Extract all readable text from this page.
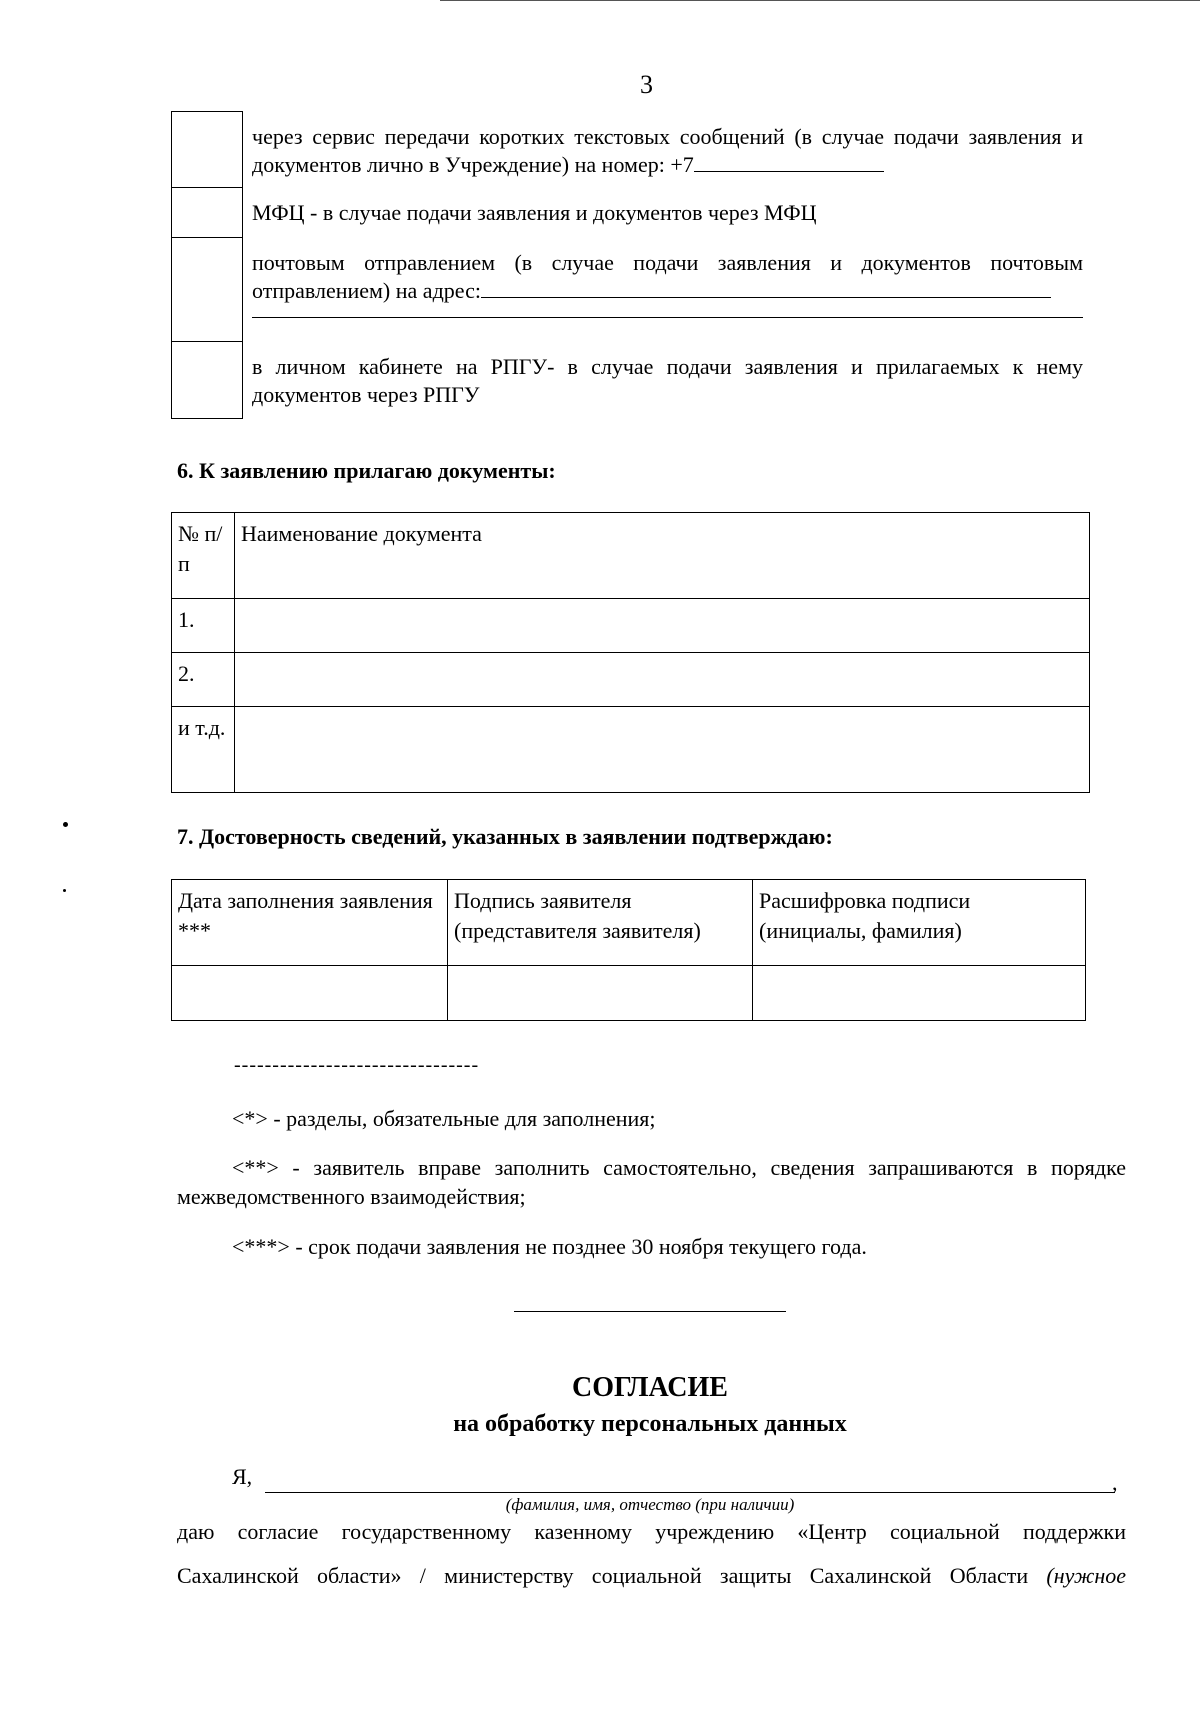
3
через сервис передачи коротких текстовых сообщений (в случае подачи заявления и документов лично в Учреждение) на номер: +7
МФЦ - в случае подачи заявления и документов через МФЦ
почтовым отправлением (в случае подачи заявления и документов почтовым отправлением) на адрес:
в личном кабинете на РПГУ- в случае подачи заявления и прилагаемых к нему документов через РПГУ
6. К заявлению прилагаю документы:
№ п/п	Наименование документа
1.	
2.	
и т.д.	
7. Достоверность сведений, указанных в заявлении подтверждаю:
Дата заполнения заявления ***	Подпись заявителя (представителя заявителя)	Расшифровка подписи (инициалы, фамилия)

--------------------------------
<*> - разделы, обязательные для заполнения;
<**> - заявитель вправе заполнить самостоятельно, сведения запрашиваются в порядке межведомственного взаимодействия;
<***> - срок подачи заявления не позднее 30 ноября текущего года.
СОГЛАСИЕ
на обработку персональных данных
Я,	,
(фамилия, имя, отчество (при наличии)
даю согласие государственному казенному учреждению «Центр социальной поддержки
Сахалинской области» / министерству социальной защиты Сахалинской Области (нужное
